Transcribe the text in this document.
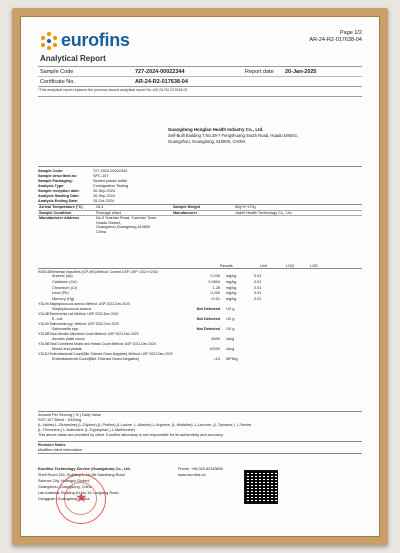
eurofins	Page 1/2
AR-24-R2-017638-04
Analytical Report
Sample Code	727-2024-00022344	Report date	20-Jan-2025
Certificate No.	AR-24-R2-017638-04
*This analytical report replaces the previous issued analytical report No.:AR-24-R2-017638-03
Guangdong Honglan Health Industry Co., Ltd.
Self-Built Building 7,No.39-7 Fengshuang South Road, Huadu District,
Guangzhou, Guangdong, 510800, CHINA
Sample Code:	727-2024-00022344
Sample described as:	SPC-107
Sample Packaging:	Sealed plastic bottle
Analysis Type:	Consignation Testing
Sample reception date:	30-Sep-2024
Analysis Starting Date:	30-Sep-2024
Analysis Ending Date:	15-Oct-2024
Arrival Temperature (°C)	26.4	Sample Weight	50g*4+170g
Sample Condition	Package intact	Manufacturer	Jiabei Health Technology Co., Ltd
Manufacturer Address	No.3 Yuanfan Road, Yuanhan Town,
Huadu District,
Guangzhou,Guangdong,510800
China		
Results	Unit	LOQ	LOD
R2DL6 Elemental Impurities (ICP-MS) Method: Current USP, USP <232>/<233>
Arsenic (As)	0.236	mg/kg	0.01
Cadmium (Cd)	0.0804	mg/kg	0.01
Chromium (Cr)	1.28	mg/kg	0.01
Lead (Pb)	0.200	mg/kg	0.01
Mercury (Hg)	<0.01	mg/kg	0.01
Y3L4V Staphylococcus aureus Method: USP 2022-Dec 2020
Staphylococcus aureus	Not Detected	/10 g
Y3L4E Escherichia coli Method: USP 2022-Dec 2020
E. coli	Not Detected	/10 g
Y3L4V Salmonella spp. Method: USP 2022-Dec 2020
Salmonella spp.	Not Detected	/10 g
Y3L5B Total Aerobic Microbial Count Method: USP 2021-Dec 2020
Aerobic plate count	8400	cfu/g
Y3L5B Total Combined Molds and Yeasts Count Method: USP 2021-Dec 2020
Mould and yeasts	10000	cfu/g
Y3L5J Enterobacterial Count(Bile-Tolerant Gram-Negative) Method: USP 2022-Dec 2020
Enterobacterial Count(Bile-Tolerant Gram-Negative)	<10	MPN/g
Amount Per Serving ( % ) Daily Value
SCP-107 Blend : 1000mg
(L-Valine),L-Glutamine),(L-Glycine),(L-Proline),(L-Lysine ,L-Alanine),L-Arginine, (L-Histidine), L-Leucine ,(L-Tyrosine,) ,L-Serine,
(L-Threonine,) L-Isoleucine (L-Tryptophan,) L-Methionine)
This above datas are provided by client. Eurofins laboratory is not responsible for its authenticity and accuracy.
Revision Notes
Modifies client information
Eurofins Technology Service (Guangzhou) Co., Ltd.
Shell Room 201, Building 1, No.68 Gaoshang Road
Science City, Huangpu District,
Guangzhou, Guangdong, China
Lab Address: Building A1 No.16 Longtang Road,
Dongguan, Guangdong, China
Phone +86 020 82163665
www.eurofins.cn
★
